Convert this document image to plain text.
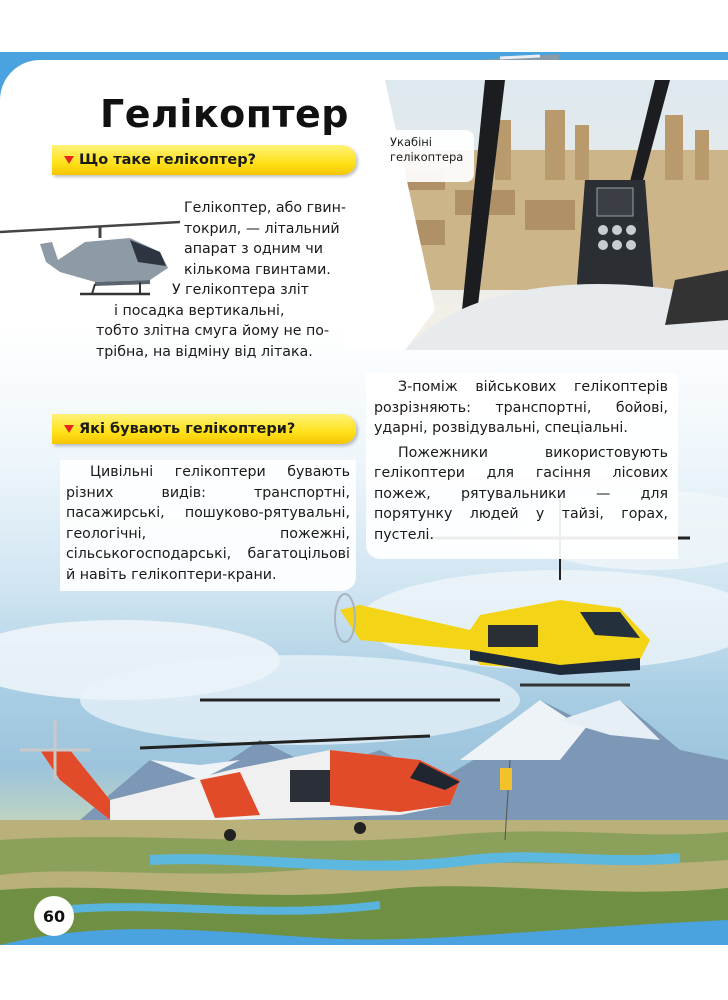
Укабіні
гелікоптера
Гелікоптер
Що таке гелікоптер?

Гелікоптер, або гвин-

токрил, — літальний

апарат з одним чи

кількома гвинтами.

У гелікоптера зліт

і посадка вертикальні,

тобто злітна смуга йому не по-

трібна, на відміну від літака.

Які бувають гелікоптери?

Цивільні гелікоптери бувають різних видів: транспортні, пасажирські, пошуково-рятувальні, геологічні, пожежні, сільськогосподарські, багатоцільові й навіть гелікоптери-крани.

З-поміж військових гелікоптерів розрізняють: транспортні, бойові, ударні, розвідувальні, спеціальні.

Пожежники використовують гелікоптери для гасіння лісових пожеж, рятувальники — для порятунку людей у тайзі, горах, пустелі.

60
